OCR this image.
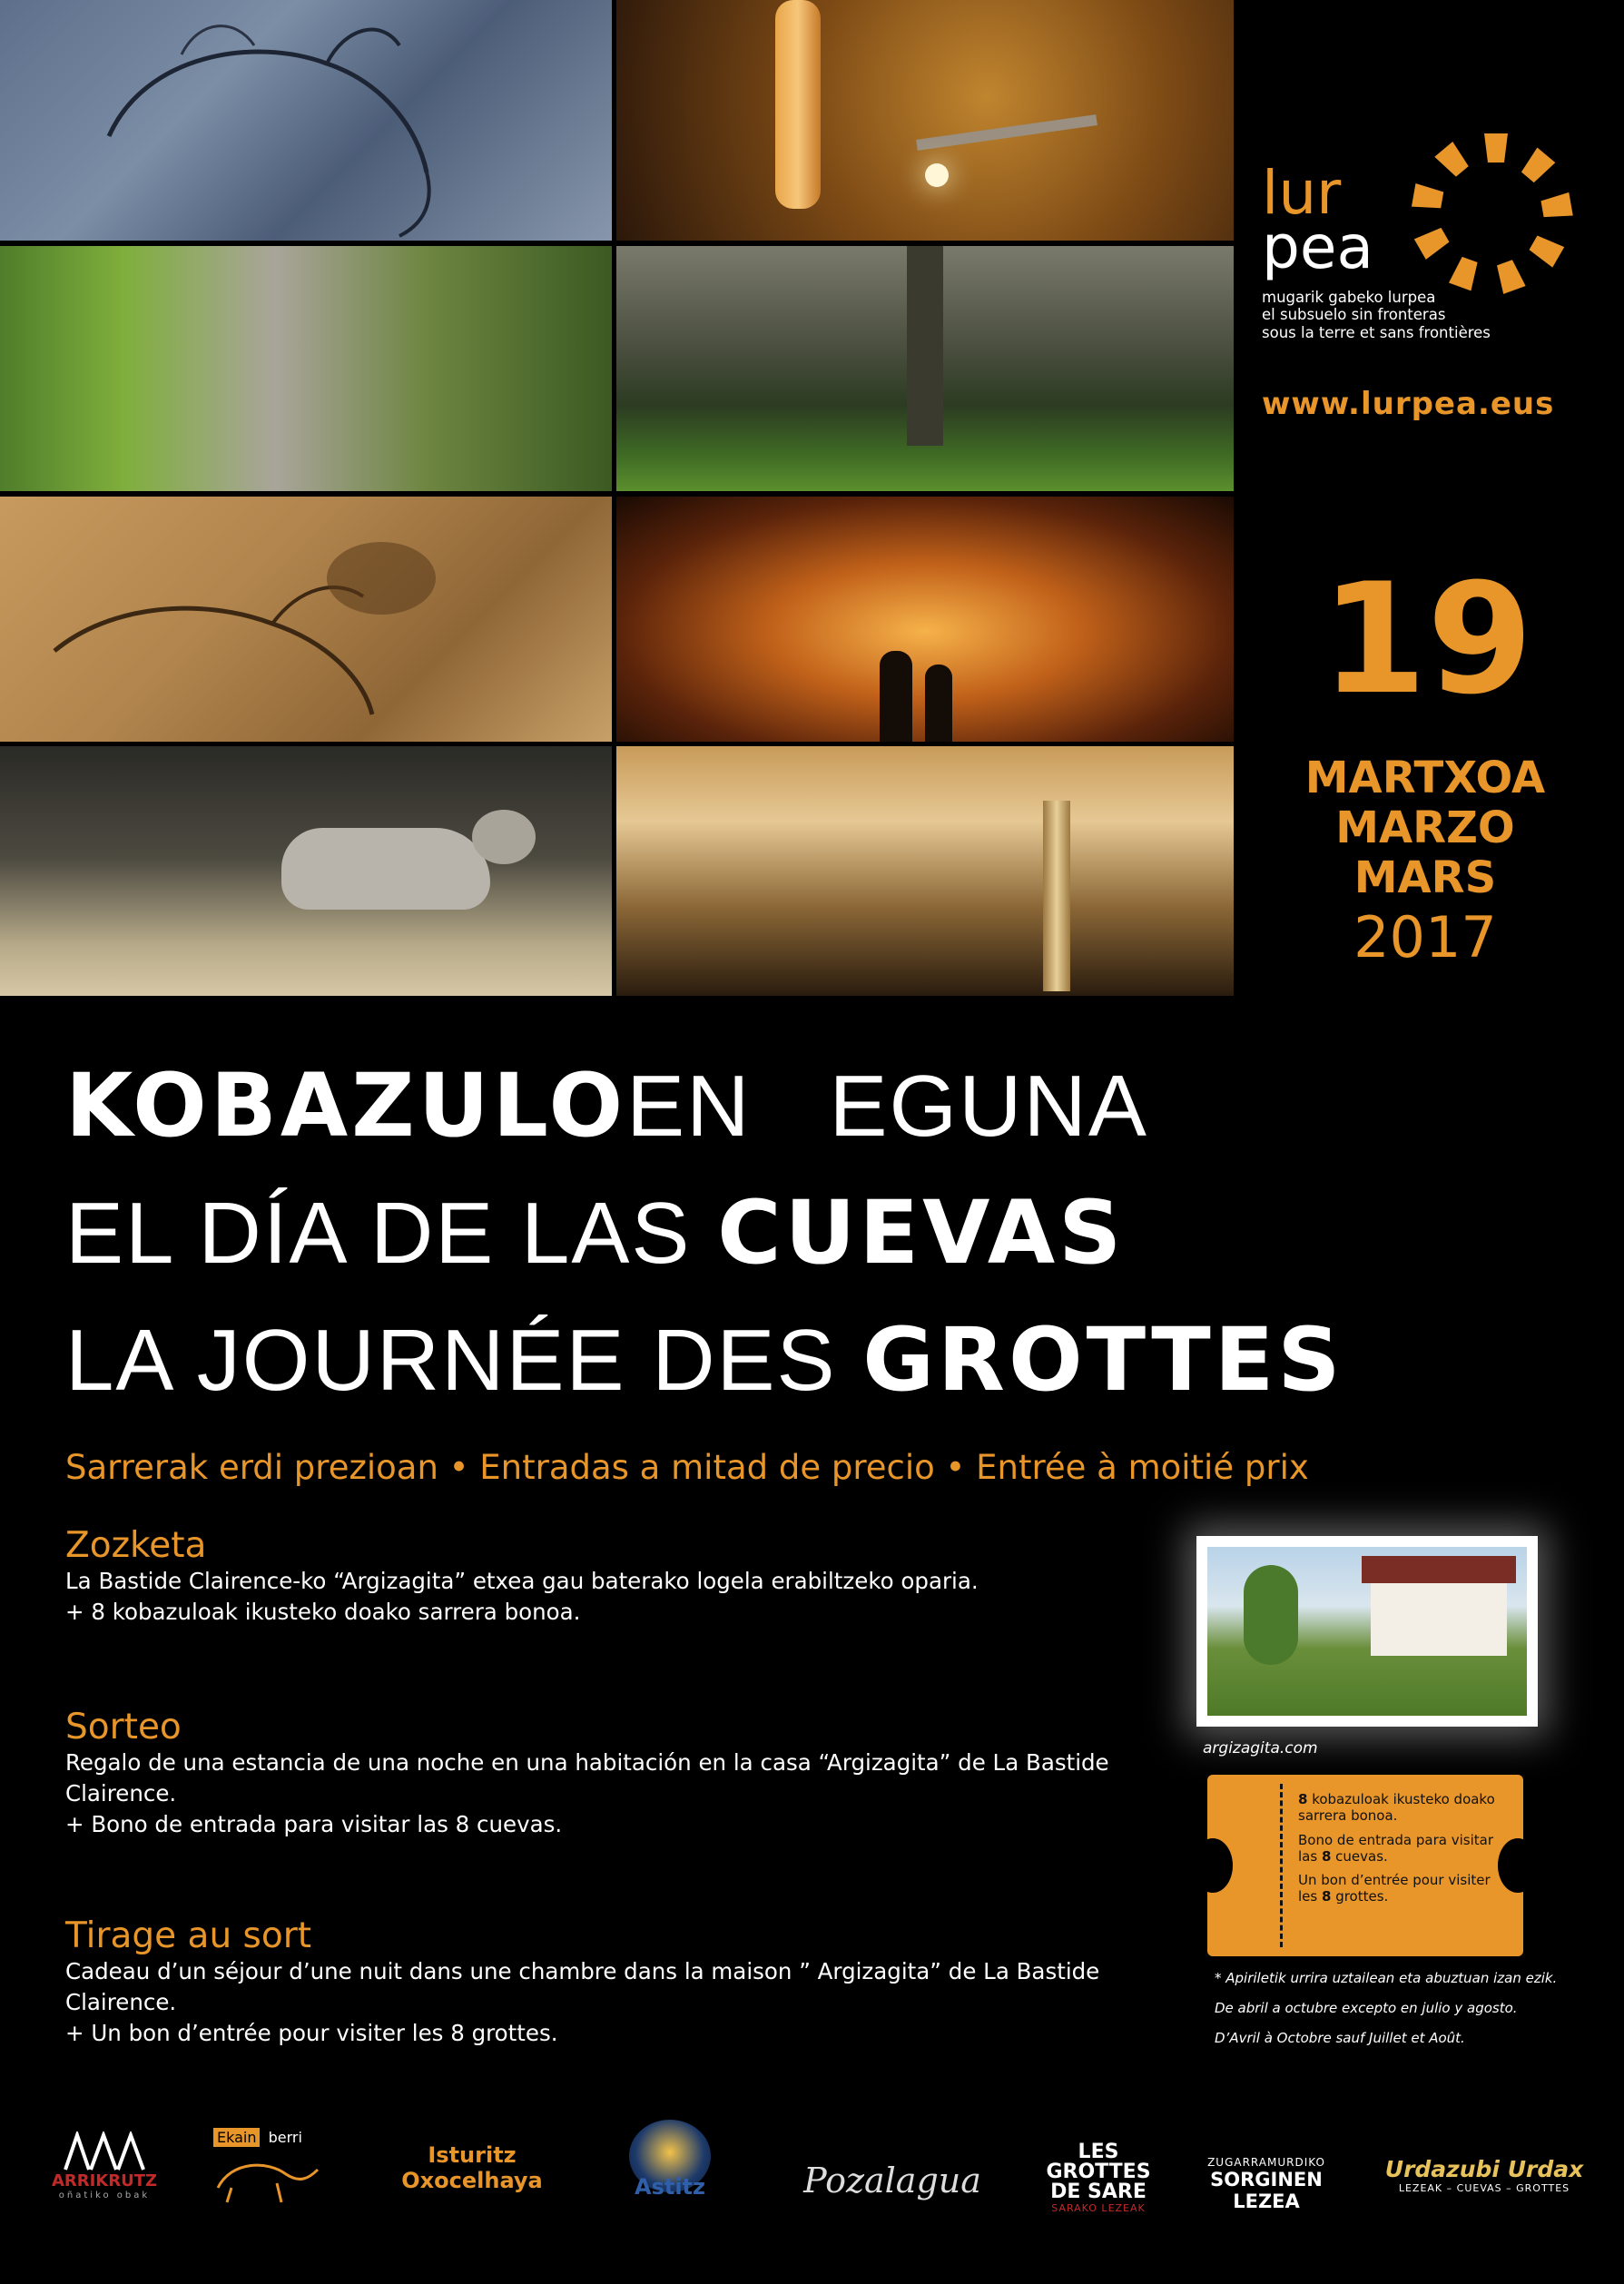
lur
pea
mugarik gabeko lurpea
el subsuelo sin fronteras
sous la terre et sans frontières
www.lurpea.eus
19
MARTXOA
MARZO
MARS
2017
KOBAZULOEN   EGUNA
EL DÍA DE LAS CUEVAS
LA JOURNÉE DES GROTTES
Sarrerak erdi prezioan • Entradas a mitad de precio • Entrée à moitié prix
Zozketa
La Bastide Clairence-ko “Argizagita” etxea gau baterako logela erabiltzeko oparia.
+ 8 kobazuloak ikusteko doako sarrera bonoa.
Sorteo
Regalo de una estancia de una noche en una habitación en la casa “Argizagita” de La Bastide Clairence.
+ Bono de entrada para visitar las 8 cuevas.
Tirage au sort
Cadeau d’un séjour d’une nuit dans une chambre dans la maison ” Argizagita” de La Bastide Clairence.
+ Un bon d’entrée pour visiter les 8 grottes.
argizagita.com

8 kobazuloak ikusteko doako sarrera bonoa.

Bono de entrada para visitar las 8 cuevas.

Un bon d’entrée pour visiter les 8 grottes.

* Apiriletik urrira uztailean eta abuztuan izan ezik.
De abril a octubre excepto en julio y agosto.
D’Avril à Octobre sauf Juillet et Août.
ARRIKRUTZ
oñatiko obak
Ekain berri
Isturitz
Oxocelhaya	Astitz	Pozalagua
LES
GROTTES
DE SARE
SARAKO LEZEAK
ZUGARRAMURDIKO
SORGINEN LEZEA
Urdazubi Urdax
LEZEAK – CUEVAS – GROTTES
